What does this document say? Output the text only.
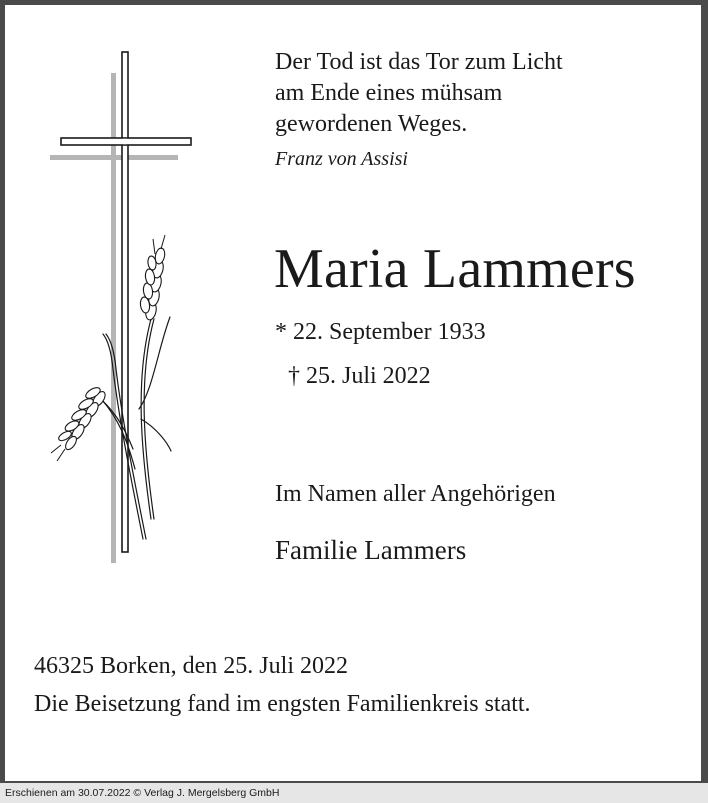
Der Tod ist das Tor zum Licht
am Ende eines mühsam
gewordenen Weges.
Franz von Assisi
Maria Lammers
* 22. September 1933
† 25. Juli 2022
Im Namen aller Angehörigen
Familie Lammers
46325 Borken, den 25. Juli 2022
Die Beisetzung fand im engsten Familienkreis statt.
Erschienen am 30.07.2022 © Verlag J. Mergelsberg GmbH
